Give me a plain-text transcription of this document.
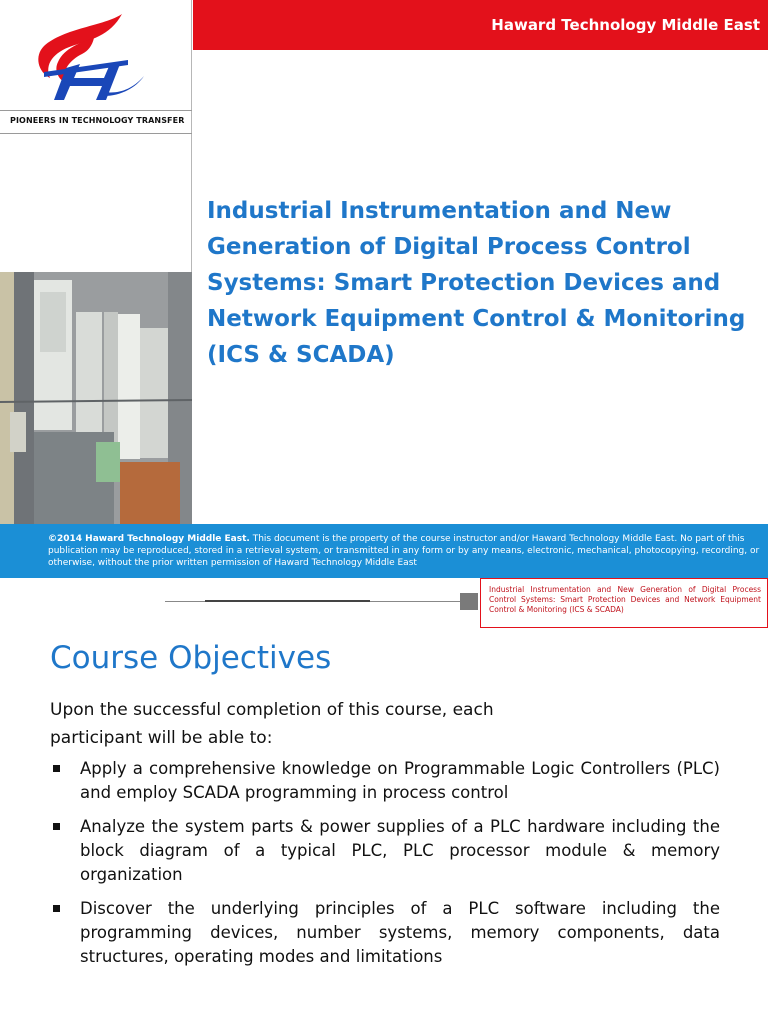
PIONEERS IN TECHNOLOGY TRANSFER
Haward Technology Middle East
Industrial Instrumentation and New Generation of Digital Process Control Systems: Smart Protection Devices and Network Equipment Control & Monitoring (ICS & SCADA)
©2014 Haward Technology Middle East. This document is the property of the course instructor and/or Haward Technology Middle East. No part of this publication may be reproduced, stored in a retrieval system, or transmitted in any form or by any means, electronic, mechanical, photocopying, recording, or otherwise, without the prior written permission of Haward Technology Middle East
Industrial Instrumentation and New Generation of Digital Process Control Systems: Smart Protection Devices and Network Equipment Control & Monitoring (ICS & SCADA)
Course Objectives
Upon the successful completion of this course, each
participant will be able to:
Apply a comprehensive knowledge on Programmable Logic Controllers (PLC) and employ SCADA programming in process control
Analyze the system parts & power supplies of a PLC hardware including the block diagram of a typical PLC, PLC processor module & memory organization
Discover the underlying principles of a PLC software including the programming devices, number systems, memory components, data structures, operating modes and limitations
